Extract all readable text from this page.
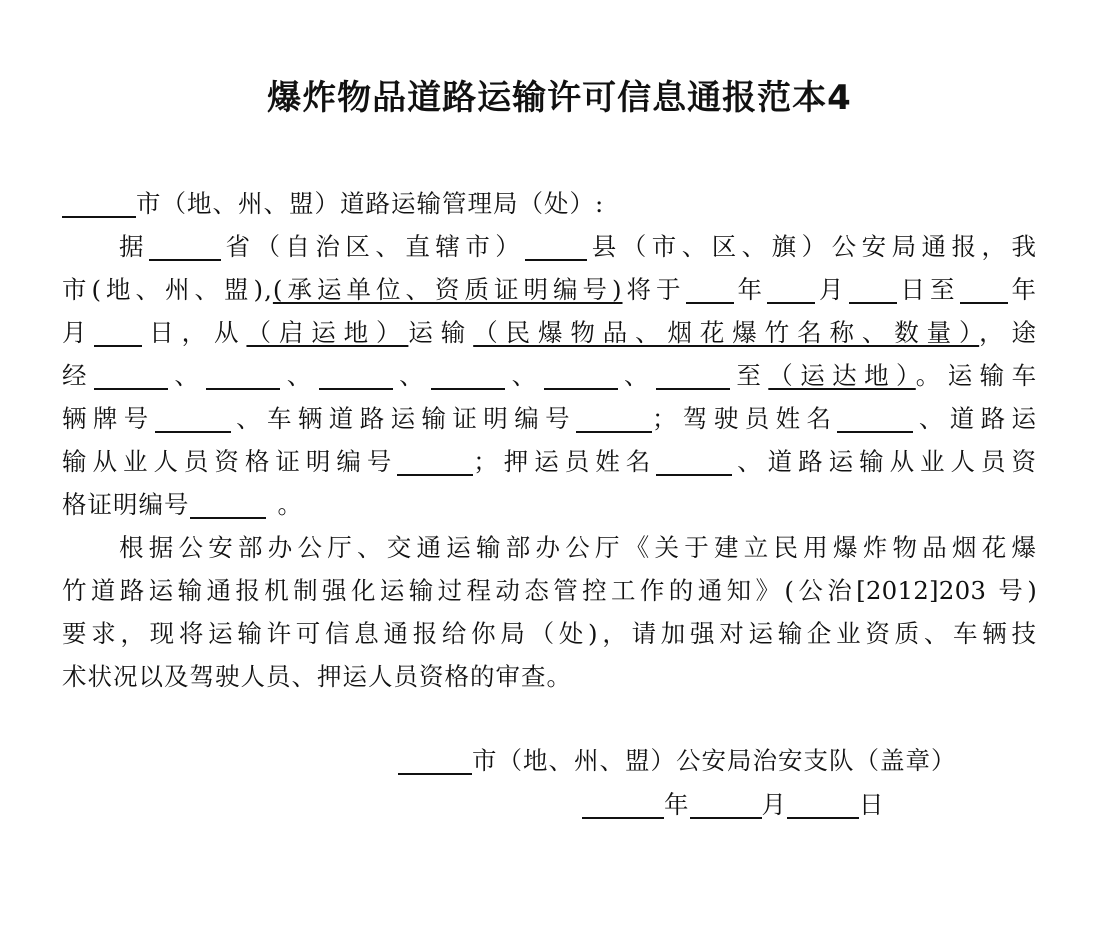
爆炸物品道路运输许可信息通报范本4
市（地、州、盟）道路运输管理局（处）:
据	省（自治区、直辖市）	县（市、区、旗）公安局通报，我
市(地、州、盟),(承运单位、资质证明编号)将于 年 月 日至 年
月 日，从（启运地）运输（民爆物品、烟花爆竹名称、数量），途
经	、	、	、	、	、	至（运达地）。运输车
辆牌号	、车辆道路运输证明编号	；驾驶员姓名	、道路运
输从业人员资格证明编号	；押运员姓名	、道路运输从业人员资
格证明编号	。
根据公安部办公厅、交通运输部办公厅《关于建立民用爆炸物品烟花爆
竹道路运输通报机制强化运输过程动态管控工作的通知》(公治[2012]203 号)
要求，现将运输许可信息通报给你局（处)，请加强对运输企业资质、车辆技
术状况以及驾驶人员、押运人员资格的审查。
市（地、州、盟）公安局治安支队（盖章）
年	月	日
